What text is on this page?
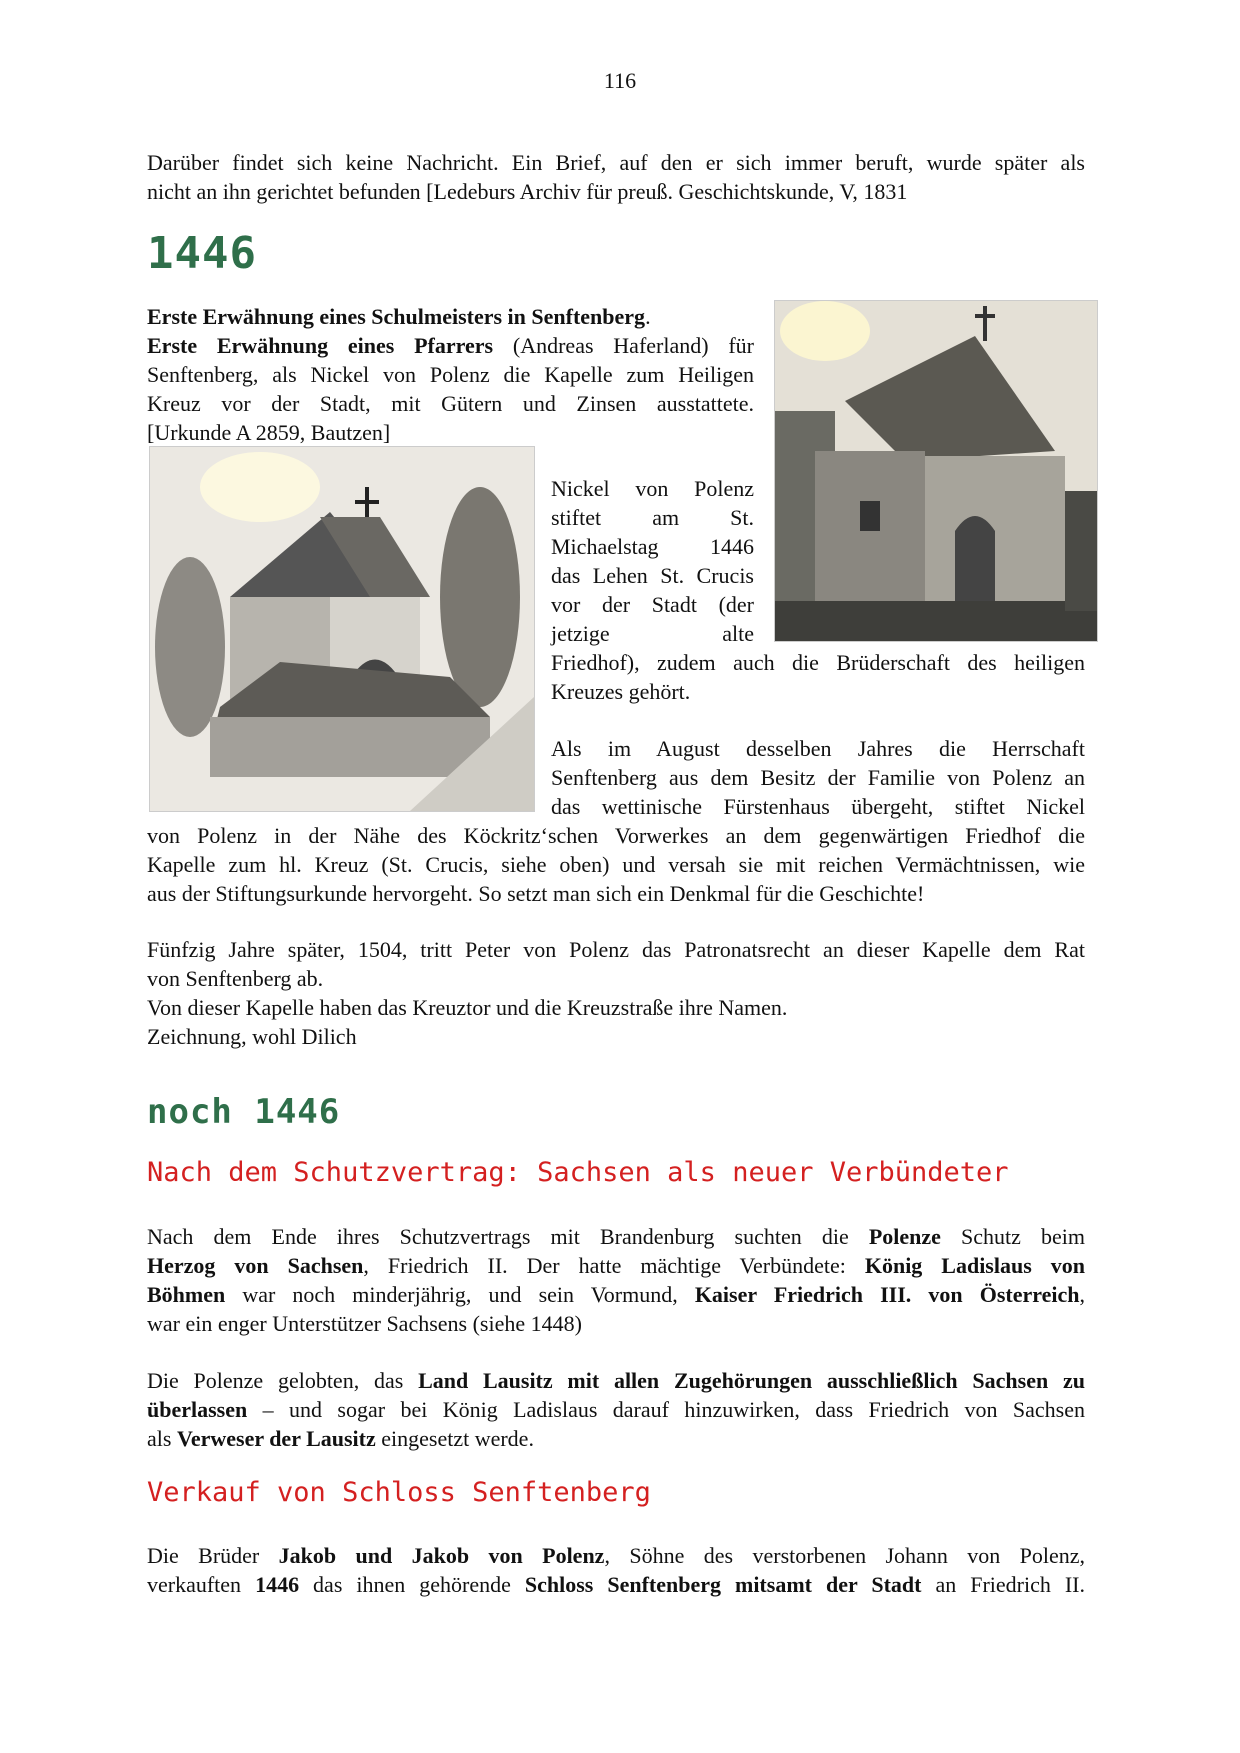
116
Darüber findet sich keine Nachricht. Ein Brief, auf den er sich immer beruft, wurde später als
nicht an ihn gerichtet befunden [Ledeburs Archiv für preuß. Geschichtskunde, V, 1831
1446
Erste Erwähnung eines Schulmeisters in Senftenberg.
Erste Erwähnung eines Pfarrers (Andreas Haferland) für
Senftenberg, als Nickel von Polenz die Kapelle zum Heiligen
Kreuz vor der Stadt, mit Gütern und Zinsen ausstattete.
[Urkunde A 2859, Bautzen]
Nickel von Polenz
stiftet am St.
Michaelstag 1446
das Lehen St. Crucis
vor der Stadt (der
jetzige alte
Friedhof), zudem auch die Brüderschaft des heiligen
Kreuzes gehört.
Als im August desselben Jahres die Herrschaft
Senftenberg aus dem Besitz der Familie von Polenz an
das wettinische Fürstenhaus übergeht, stiftet Nickel
von Polenz in der Nähe des Köckritz‘schen Vorwerkes an dem gegenwärtigen Friedhof die
Kapelle zum hl. Kreuz (St. Crucis, siehe oben) und versah sie mit reichen Vermächtnissen, wie
aus der Stiftungsurkunde hervorgeht. So setzt man sich ein Denkmal für die Geschichte!
Fünfzig Jahre später, 1504, tritt Peter von Polenz das Patronatsrecht an dieser Kapelle dem Rat
von Senftenberg ab.
Von dieser Kapelle haben das Kreuztor und die Kreuzstraße ihre Namen.
Zeichnung, wohl Dilich
noch 1446
Nach dem Schutzvertrag: Sachsen als neuer Verbündeter
Nach dem Ende ihres Schutzvertrags mit Brandenburg suchten die Polenze Schutz beim
Herzog von Sachsen, Friedrich II. Der hatte mächtige Verbündete: König Ladislaus von
Böhmen war noch minderjährig, und sein Vormund, Kaiser Friedrich III. von Österreich,
war ein enger Unterstützer Sachsens (siehe 1448)
Die Polenze gelobten, das Land Lausitz mit allen Zugehörungen ausschließlich Sachsen zu
überlassen – und sogar bei König Ladislaus darauf hinzuwirken, dass Friedrich von Sachsen
als Verweser der Lausitz eingesetzt werde.
Verkauf von Schloss Senftenberg
Die Brüder Jakob und Jakob von Polenz, Söhne des verstorbenen Johann von Polenz,
verkauften 1446 das ihnen gehörende Schloss Senftenberg mitsamt der Stadt an Friedrich II.
